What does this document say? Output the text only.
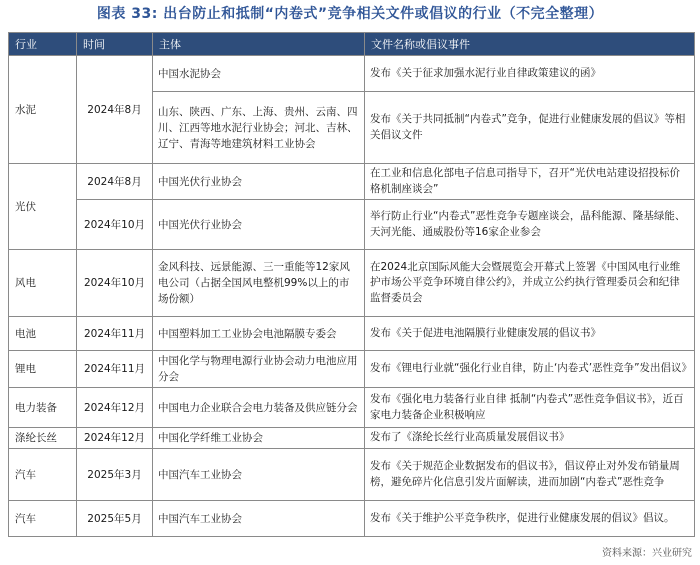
图表 33: 出台防止和抵制“内卷式”竞争相关文件或倡议的行业（不完全整理）
行业	时间	主体	文件名称或倡议事件
水泥	2024年8月	中国水泥协会	发布《关于征求加强水泥行业自律政策建议的函》
		山东、陕西、广东、上海、贵州、云南、四川、江西等地水泥行业协会；河北、吉林、辽宁、青海等地建筑材料工业协会	发布《关于共同抵制“内卷式”竞争，促进行业健康发展的倡议》等相关倡议文件
光伏	2024年8月	中国光伏行业协会	在工业和信息化部电子信息司指导下，召开“光伏电站建设招投标价格机制座谈会”
	2024年10月	中国光伏行业协会	举行防止行业“内卷式”恶性竞争专题座谈会，晶科能源、隆基绿能、天河光能、通威股份等16家企业参会
风电	2024年10月	金风科技、远景能源、三一重能等12家风电公司（占据全国风电整机99%以上的市场份额）	在2024北京国际风能大会暨展览会开幕式上签署《中国风电行业维护市场公平竞争环境自律公约》，并成立公约执行管理委员会和纪律监督委员会
电池	2024年11月	中国塑料加工工业协会电池隔膜专委会	发布《关于促进电池隔膜行业健康发展的倡议书》
锂电	2024年11月	中国化学与物理电源行业协会动力电池应用分会	发布《锂电行业就“强化行业自律，防止‘内卷式’恶性竞争”发出倡议》
电力装备	2024年12月	中国电力企业联合会电力装备及供应链分会	发布《强化电力装备行业自律 抵制“内卷式”恶性竞争倡议书》，近百家电力装备企业积极响应
涤纶长丝	2024年12月	中国化学纤维工业协会	发布了《涤纶长丝行业高质量发展倡议书》
汽车	2025年3月	中国汽车工业协会	发布《关于规范企业数据发布的倡议书》，倡议停止对外发布销量周榜，避免碎片化信息引发片面解读，进而加剧“内卷式”恶性竞争
汽车	2025年5月	中国汽车工业协会	发布《关于维护公平竞争秩序，促进行业健康发展的倡议》倡议。
资料来源：兴业研究
